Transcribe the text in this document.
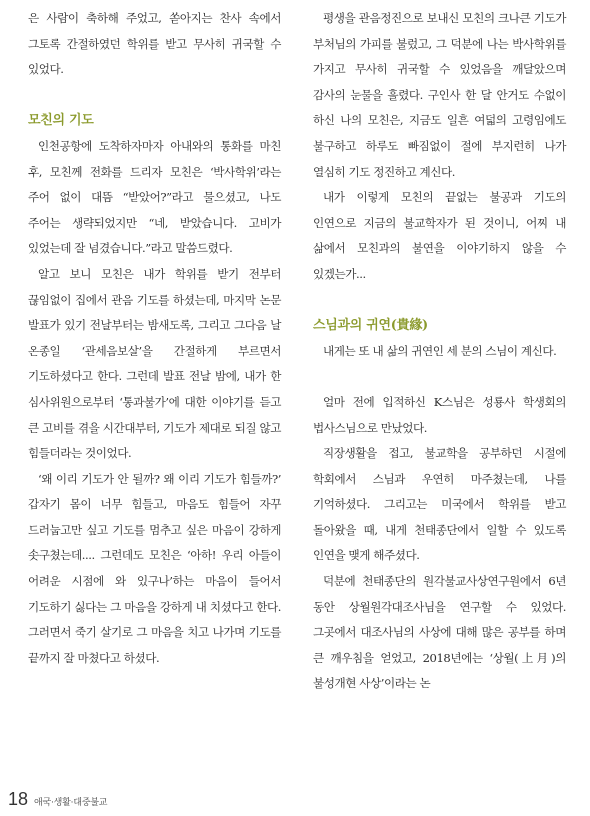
은 사람이 축하해 주었고, 쏟아지는 찬사 속에서 그토록 간절하였던 학위를 받고 무사히 귀국할 수 있었다.

모친의 기도

인천공항에 도착하자마자 아내와의 통화를 마친 후, 모친께 전화를 드리자 모친은 ‘박사학위’라는 주어 없이 대뜸 “받았어?”라고 물으셨고, 나도 주어는 생략되었지만 “네, 받았습니다. 고비가 있었는데 잘 넘겼습니다.”라고 말씀드렸다.

알고 보니 모친은 내가 학위를 받기 전부터 끊임없이 집에서 관음 기도를 하셨는데, 마지막 논문 발표가 있기 전날부터는 밤새도록, 그리고 그다음 날 온종일 ‘관세음보살’을 간절하게 부르면서 기도하셨다고 한다. 그런데 발표 전날 밤에, 내가 한 심사위원으로부터 ‘통과불가’에 대한 이야기를 듣고 큰 고비를 겪을 시간대부터, 기도가 제대로 되질 않고 힘들더라는 것이었다.

‘왜 이리 기도가 안 될까? 왜 이리 기도가 힘들까?’ 갑자기 몸이 너무 힘들고, 마음도 힘들어 자꾸 드러눕고만 싶고 기도를 멈추고 싶은 마음이 강하게 솟구쳤는데.... 그런데도 모친은 ‘아하! 우리 아들이 어려운 시점에 와 있구나’하는 마음이 들어서 기도하기 싫다는 그 마음을 강하게 내 치셨다고 한다. 그러면서 죽기 살기로 그 마음을 치고 나가며 기도를 끝까지 잘 마쳤다고 하셨다.

평생을 관음정진으로 보내신 모친의 크나큰 기도가 부처님의 가피를 불렀고, 그 덕분에 나는 박사학위를 가지고 무사히 귀국할 수 있었음을 깨달았으며 감사의 눈물을 흘렸다. 구인사 한 달 안거도 수없이 하신 나의 모친은, 지금도 일흔 여덟의 고령임에도 불구하고 하루도 빠짐없이 절에 부지런히 나가 열심히 기도 정진하고 계신다.

내가 이렇게 모친의 끝없는 불공과 기도의 인연으로 지금의 불교학자가 된 것이니, 어찌 내 삶에서 모친과의 불연을 이야기하지 않을 수 있겠는가...

스님과의 귀연(貴緣)

내게는 또 내 삶의 귀연인 세 분의 스님이 계신다.

얼마 전에 입적하신 K스님은 성룡사 학생회의 법사스님으로 만났었다.

직장생활을 접고, 불교학을 공부하던 시절에 학회에서 스님과 우연히 마주쳤는데, 나를 기억하셨다. 그리고는 미국에서 학위를 받고 돌아왔을 때, 내게 천태종단에서 일할 수 있도록 인연을 맺게 해주셨다.

덕분에 천태종단의 원각불교사상연구원에서 6년 동안 상월원각대조사님을 연구할 수 있었다. 그곳에서 대조사님의 사상에 대해 많은 공부를 하며 큰 깨우침을 얻었고, 2018년에는 ‘상월(上月)의 불성개현 사상’이라는 논

18 애국·생활·대중불교
